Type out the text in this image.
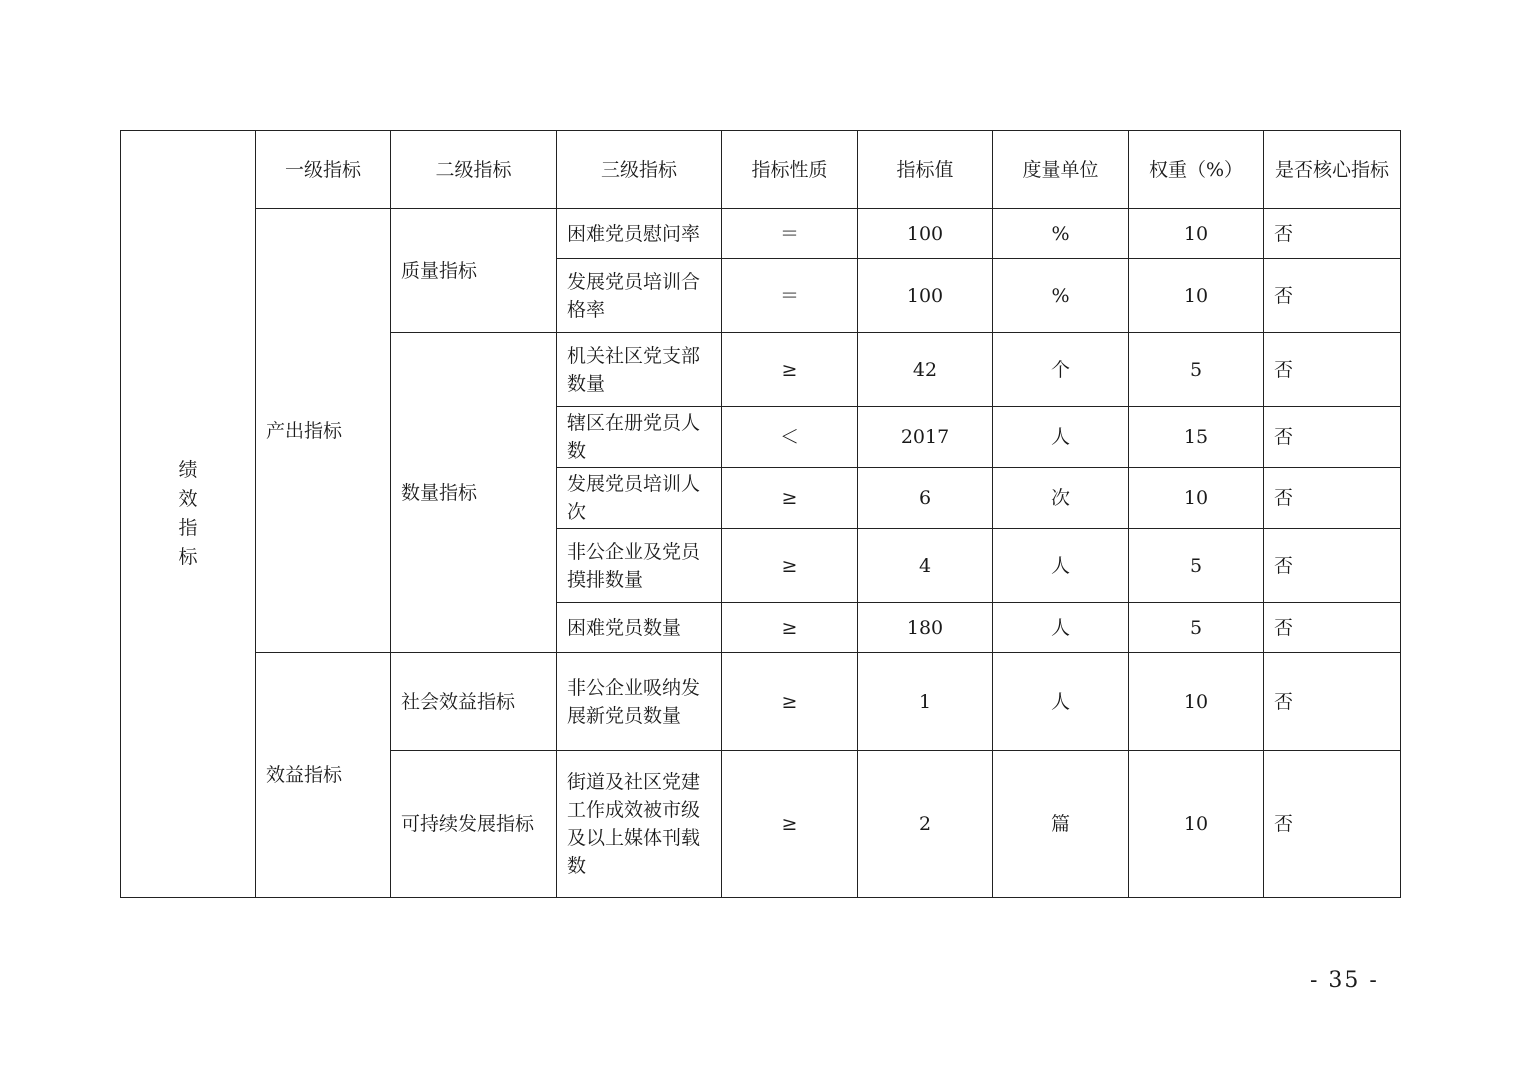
绩效指标	一级指标	二级指标	三级指标	指标性质	指标值	度量单位	权重（%）	是否核心指标
	产出指标	质量指标	困难党员慰问率	＝	100	%	10	否
			发展党员培训合格率	＝	100	%	10	否
		数量指标	机关社区党支部数量	≥	42	个	5	否
			辖区在册党员人数	＜	2017	人	15	否
			发展党员培训人次	≥	6	次	10	否
			非公企业及党员摸排数量	≥	4	人	5	否
			困难党员数量	≥	180	人	5	否
	效益指标	社会效益指标	非公企业吸纳发展新党员数量	≥	1	人	10	否
		可持续发展指标	街道及社区党建工作成效被市级及以上媒体刊载数	≥	2	篇	10	否
- 35 -
